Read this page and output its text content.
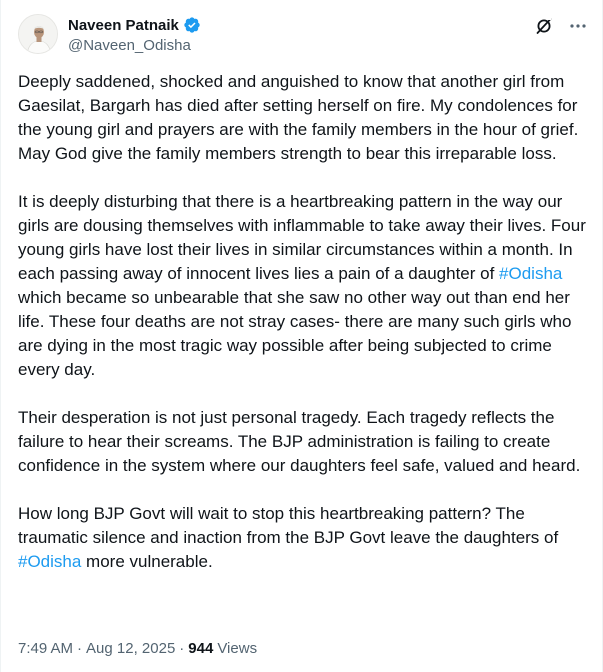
Naveen Patnaik
@Naveen_Odisha

Deeply saddened, shocked and anguished to know that another girl from Gaesilat, Bargarh has died after setting herself on fire. My condolences for the young girl and prayers are with the family members in the hour of grief. May God give the family members strength to bear this irreparable loss.

It is deeply disturbing that there is a heartbreaking pattern in the way our girls are dousing themselves with inflammable to take away their lives. Four young girls have lost their lives in similar circumstances within a month. In each passing away of innocent lives lies a pain of a daughter of #Odisha which became so unbearable that she saw no other way out than end her life. These four deaths are not stray cases- there are many such girls who are dying in the most tragic way possible after being subjected to crime every day.

Their desperation is not just personal tragedy. Each tragedy reflects the failure to hear their screams. The BJP administration is failing to create confidence in the system where our daughters feel safe, valued and heard.

How long BJP Govt will wait to stop this heartbreaking pattern? The traumatic silence and inaction from the BJP Govt leave the daughters of #Odisha more vulnerable.

7:49 AM · Aug 12, 2025 · 944 Views
